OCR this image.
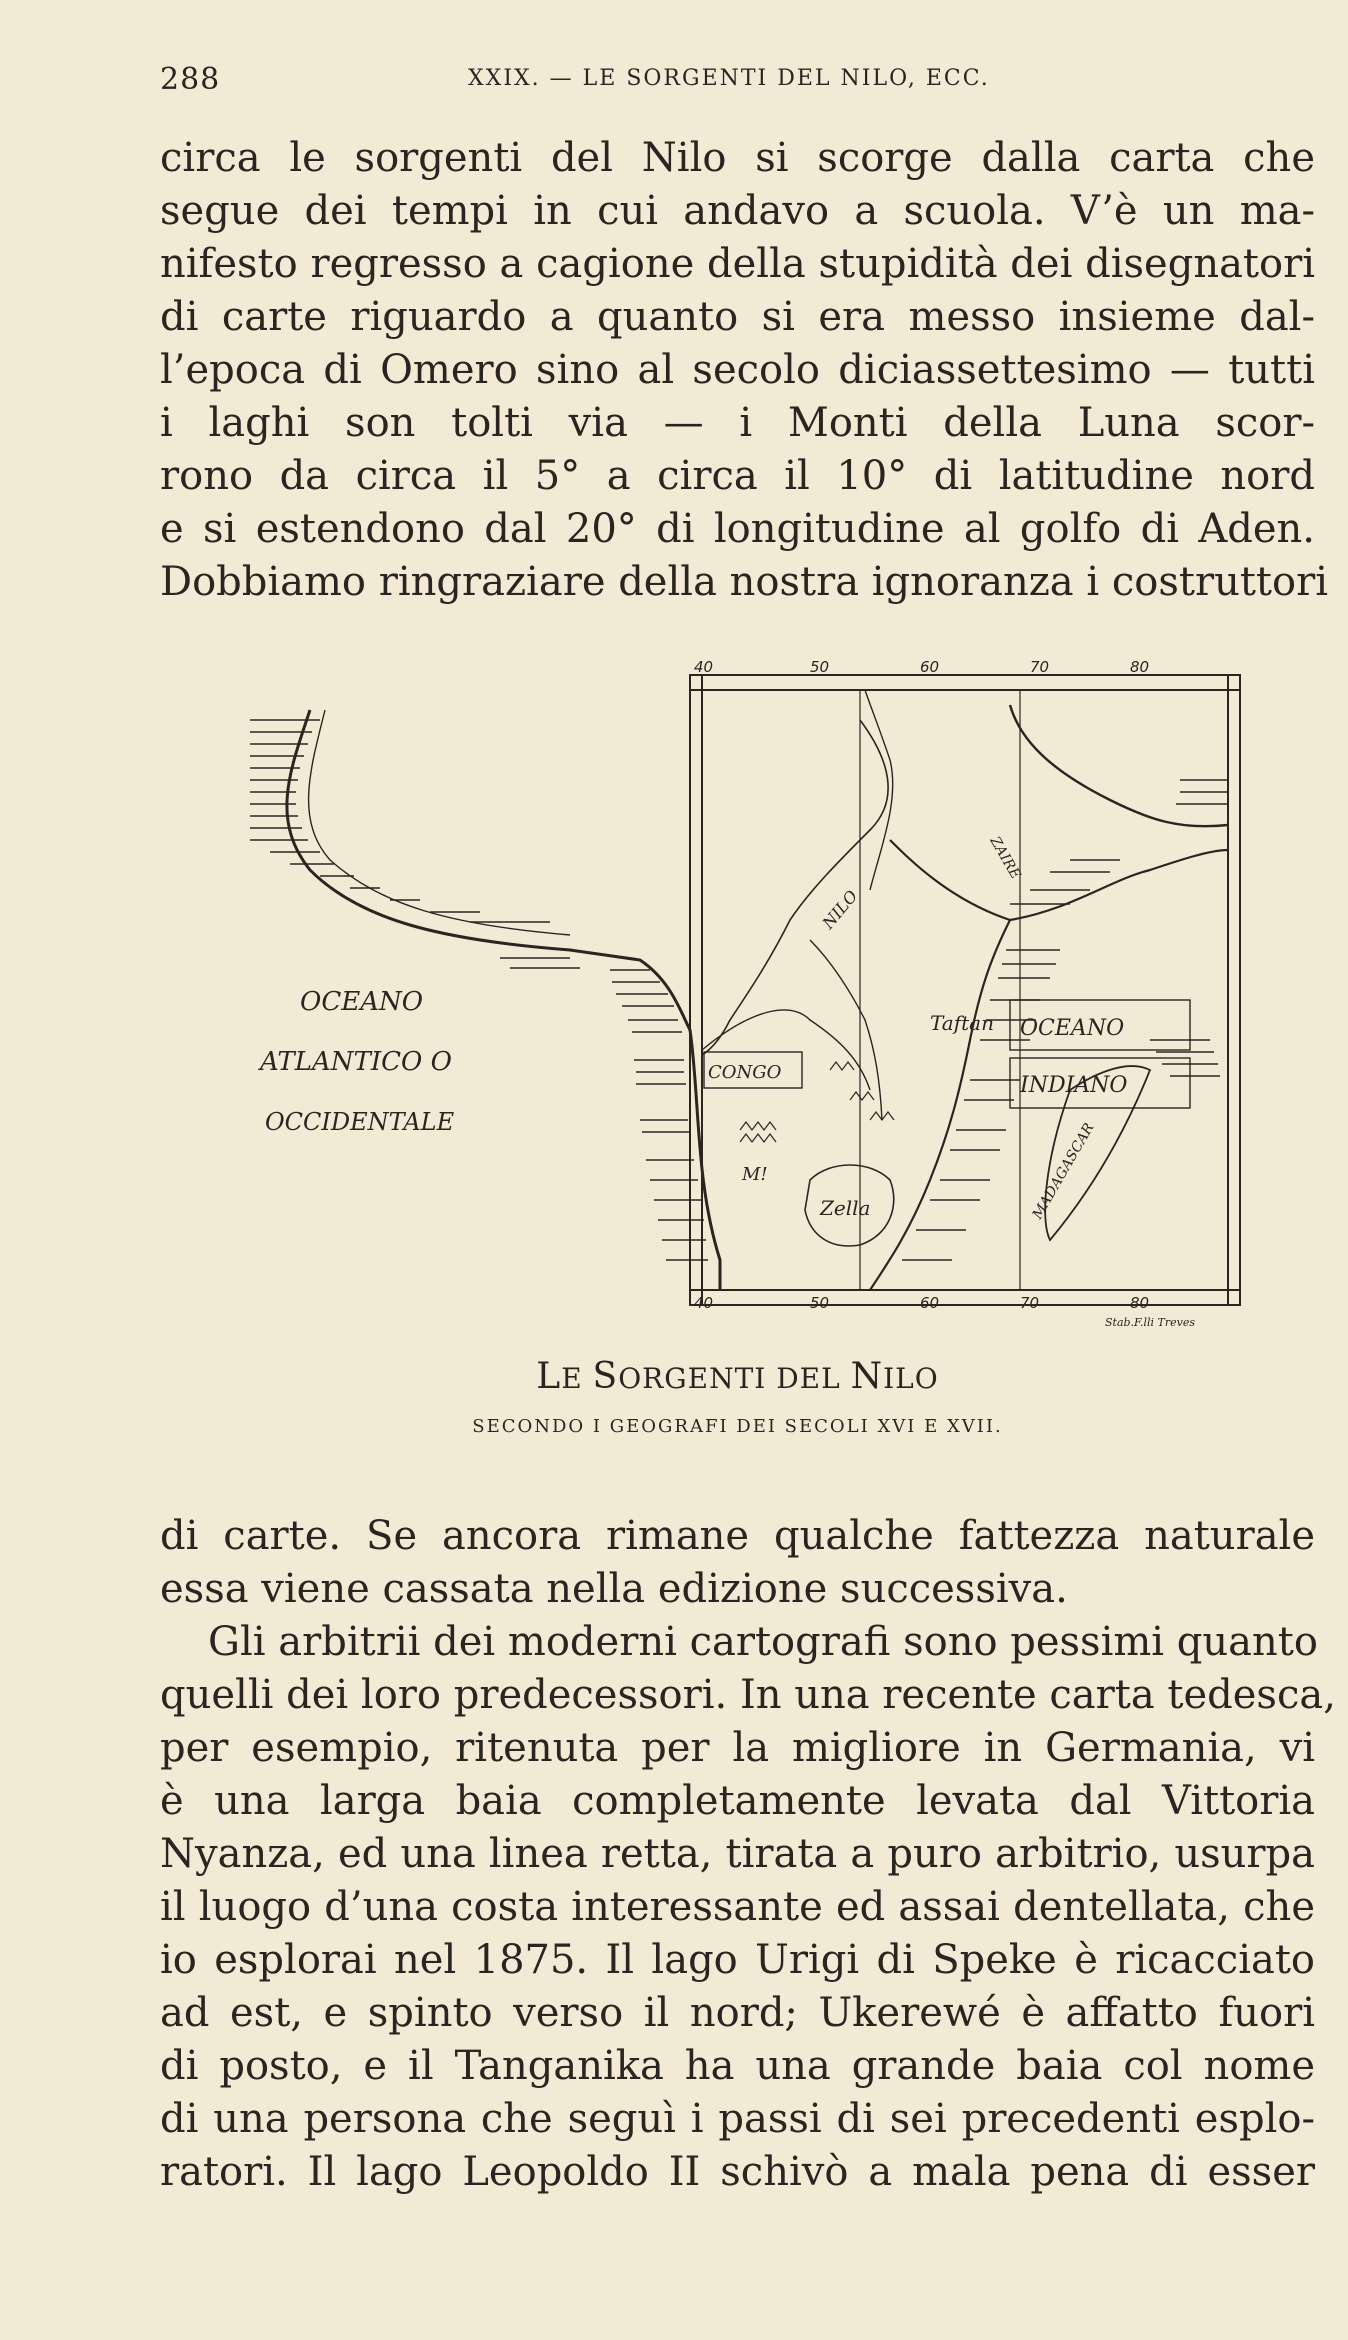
288	XXIX. — LE SORGENTI DEL NILO, ECC.

circa le sorgenti del Nilo si scorge dalla carta che
segue dei tempi in cui andavo a scuola. V’è un ma-
nifesto regresso a cagione della stupidità dei disegnatori
di carte riguardo a quanto si era messo insieme dal-
l’epoca di Omero sino al secolo diciassettesimo — tutti
i laghi son tolti via — i Monti della Luna scor-
rono da circa il 5° a circa il 10° di latitudine nord
e si estendono dal 20° di longitudine al golfo di Aden.
Dobbiamo ringraziare della nostra ignoranza i costruttori

40	50	60	70	80
40	50	60	70	80
OCEANO
ATLANTICO O
OCCIDENTALE
OCEANO
INDIANO
CONGO
Taftan
NILO
ZAIRE
MADAGASCAR
Zella
M!
Stab.F.lli Treves
LE SORGENTI DEL NILO
SECONDO I GEOGRAFI DEI SECOLI XVI E XVII.

di carte. Se ancora rimane qualche fattezza naturale
essa viene cassata nella edizione successiva.

Gli arbitrii dei moderni cartografi sono pessimi quanto
quelli dei loro predecessori. In una recente carta tedesca,
per esempio, ritenuta per la migliore in Germania, vi
è una larga baia completamente levata dal Vittoria
Nyanza, ed una linea retta, tirata a puro arbitrio, usurpa
il luogo d’una costa interessante ed assai dentellata, che
io esplorai nel 1875. Il lago Urigi di Speke è ricacciato
ad est, e spinto verso il nord; Ukerewé è affatto fuori
di posto, e il Tanganika ha una grande baia col nome
di una persona che seguì i passi di sei precedenti esplo-
ratori. Il lago Leopoldo II schivò a mala pena di esser
